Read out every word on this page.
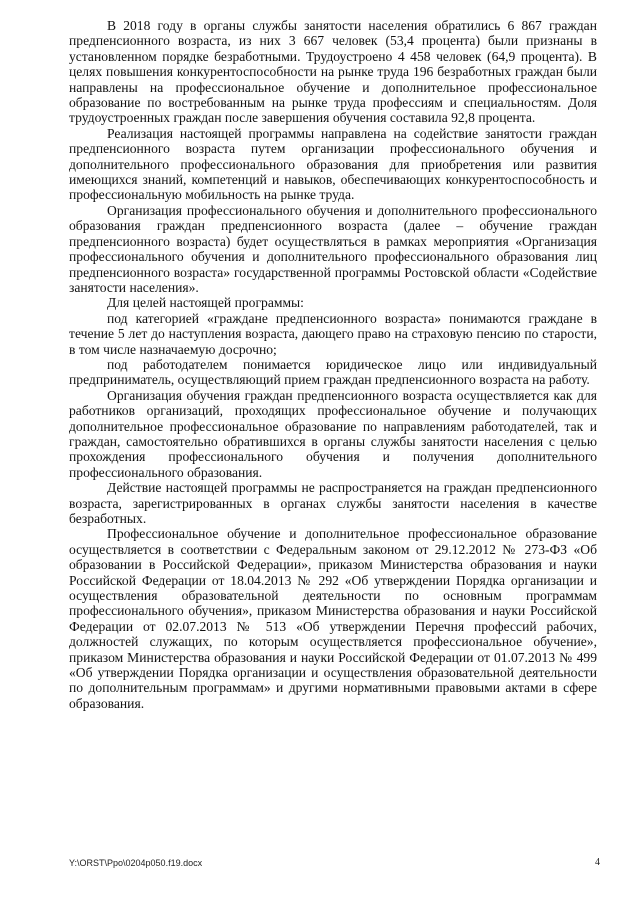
В 2018 году в органы службы занятости населения обратились 6 867 граждан предпенсионного возраста, из них 3 667 человек (53,4 процента) были признаны в установленном порядке безработными. Трудоустроено 4 458 человек (64,9 процента). В целях повышения конкурентоспособности на рынке труда 196 безработных граждан были направлены на профессиональное обучение и дополнительное профессиональное образование по востребованным на рынке труда профессиям и специальностям. Доля трудоустроенных граждан после завершения обучения составила 92,8 процента.

Реализация настоящей программы направлена на содействие занятости граждан предпенсионного возраста путем организации профессионального обучения и дополнительного профессионального образования для приобретения или развития имеющихся знаний, компетенций и навыков, обеспечивающих конкурентоспособность и профессиональную мобильность на рынке труда.

Организация профессионального обучения и дополнительного профессионального образования граждан предпенсионного возраста (далее – обучение граждан предпенсионного возраста) будет осуществляться в рамках мероприятия «Организация профессионального обучения и дополнительного профессионального образования лиц предпенсионного возраста» государственной программы Ростовской области «Содействие занятости населения».

Для целей настоящей программы:

под категорией «граждане предпенсионного возраста» понимаются граждане в течение 5 лет до наступления возраста, дающего право на страховую пенсию по старости, в том числе назначаемую досрочно;

под работодателем понимается юридическое лицо или индивидуальный предприниматель, осуществляющий прием граждан предпенсионного возраста на работу.

Организация обучения граждан предпенсионного возраста осуществляется как для работников организаций, проходящих профессиональное обучение и получающих дополнительное профессиональное образование по направлениям работодателей, так и граждан, самостоятельно обратившихся в органы службы занятости населения с целью прохождения профессионального обучения и получения дополнительного профессионального образования.

Действие настоящей программы не распространяется на граждан предпенсионного возраста, зарегистрированных в органах службы занятости населения в качестве безработных.

Профессиональное обучение и дополнительное профессиональное образование осуществляется в соответствии с Федеральным законом от 29.12.2012 № 273-ФЗ «Об образовании в Российской Федерации», приказом Министерства образования и науки Российской Федерации от 18.04.2013 № 292 «Об утверждении Порядка организации и осуществления образовательной деятельности по основным программам профессионального обучения», приказом Министерства образования и науки Российской Федерации от 02.07.2013 № 513 «Об утверждении Перечня профессий рабочих, должностей служащих, по которым осуществляется профессиональное обучение», приказом Министерства образования и науки Российской Федерации от 01.07.2013 № 499 «Об утверждении Порядка организации и осуществления образовательной деятельности по дополнительным программам» и другими нормативными правовыми актами в сфере образования.

Y:\ORST\Ppo\0204p050.f19.docx	4
